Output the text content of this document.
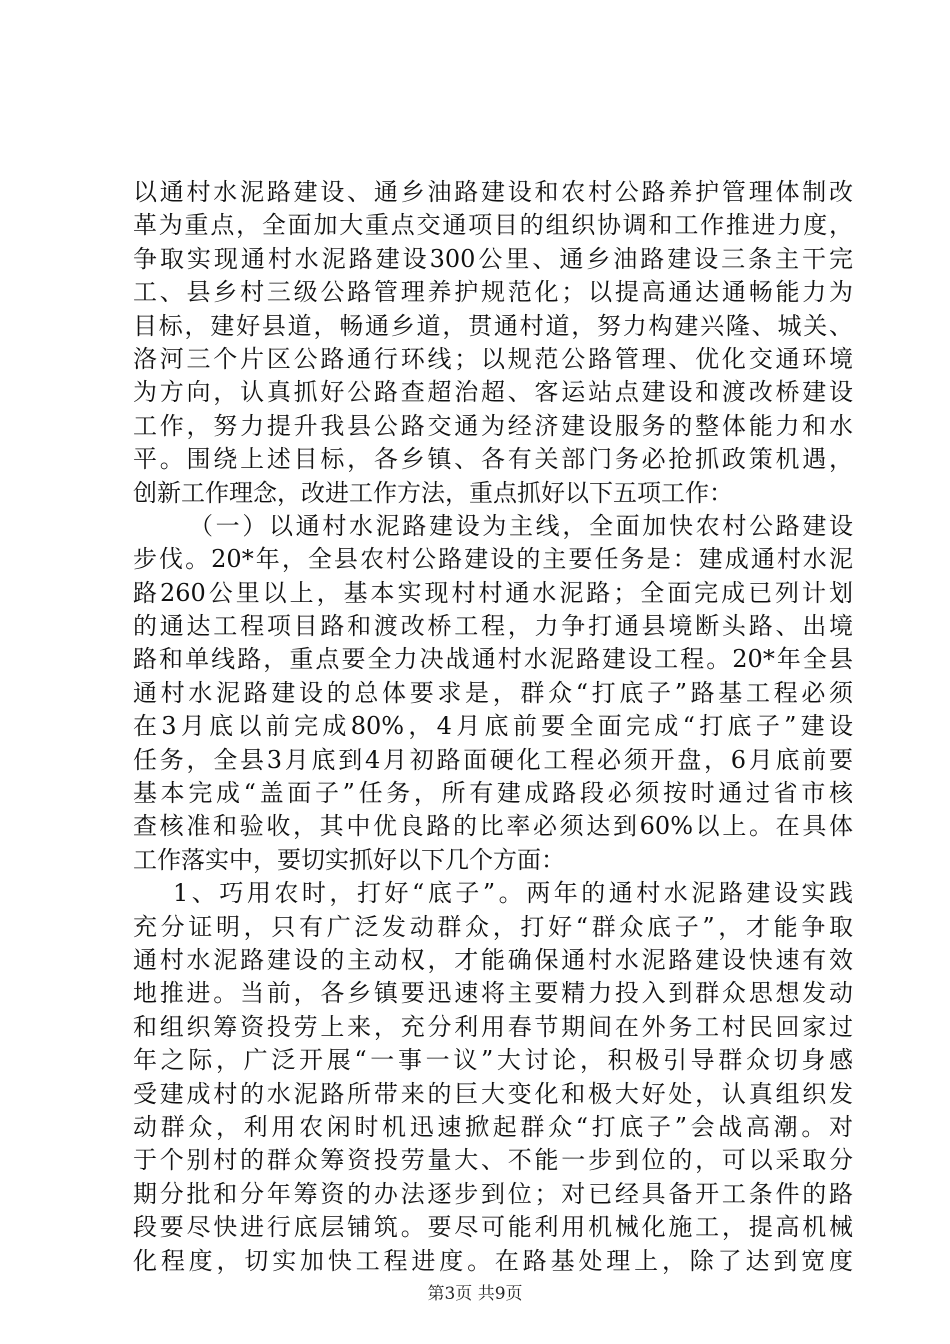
以通村水泥路建设、通乡油路建设和农村公路养护管理体制改
革为重点，全面加大重点交通项目的组织协调和工作推进力度，
争取实现通村水泥路建设300公里、通乡油路建设三条主干完
工、县乡村三级公路管理养护规范化；以提高通达通畅能力为
目标，建好县道，畅通乡道，贯通村道，努力构建兴隆、城关、
洛河三个片区公路通行环线；以规范公路管理、优化交通环境
为方向，认真抓好公路查超治超、客运站点建设和渡改桥建设
工作，努力提升我县公路交通为经济建设服务的整体能力和水
平。围绕上述目标，各乡镇、各有关部门务必抢抓政策机遇，
创新工作理念，改进工作方法，重点抓好以下五项工作：
（一）以通村水泥路建设为主线，全面加快农村公路建设
步伐。20*年，全县农村公路建设的主要任务是：建成通村水泥
路260公里以上，基本实现村村通水泥路；全面完成已列计划
的通达工程项目路和渡改桥工程，力争打通县境断头路、出境
路和单线路，重点要全力决战通村水泥路建设工程。20*年全县
通村水泥路建设的总体要求是，群众“打底子”路基工程必须
在3月底以前完成80%，4月底前要全面完成“打底子”建设
任务，全县3月底到4月初路面硬化工程必须开盘，6月底前要
基本完成“盖面子”任务，所有建成路段必须按时通过省市核
查核准和验收，其中优良路的比率必须达到60%以上。在具体
工作落实中，要切实抓好以下几个方面：
1、巧用农时，打好“底子”。两年的通村水泥路建设实践
充分证明，只有广泛发动群众，打好“群众底子”，才能争取
通村水泥路建设的主动权，才能确保通村水泥路建设快速有效
地推进。当前，各乡镇要迅速将主要精力投入到群众思想发动
和组织筹资投劳上来，充分利用春节期间在外务工村民回家过
年之际，广泛开展“一事一议”大讨论，积极引导群众切身感
受建成村的水泥路所带来的巨大变化和极大好处，认真组织发
动群众，利用农闲时机迅速掀起群众“打底子”会战高潮。对
于个别村的群众筹资投劳量大、不能一步到位的，可以采取分
期分批和分年筹资的办法逐步到位；对已经具备开工条件的路
段要尽快进行底层铺筑。要尽可能利用机械化施工，提高机械
化程度，切实加快工程进度。在路基处理上，除了达到宽度
第3页 共9页
